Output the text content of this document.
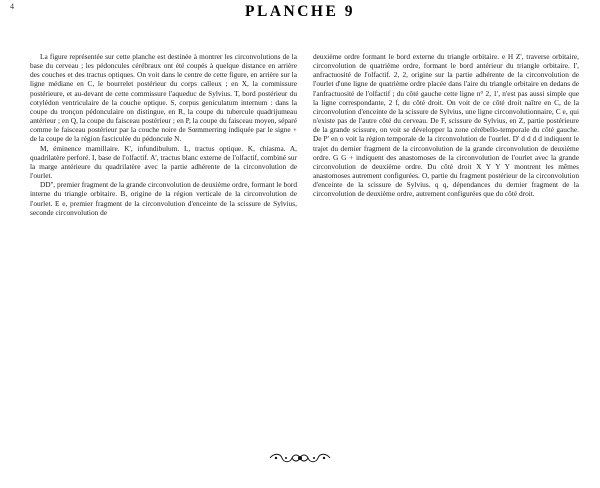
4	PLANCHE 9

La figure représentée sur cette planche est destinée à montrer les circonvolutions de la base du cerveau ; les pédoncules cérébraux ont été coupés à quelque distance en arrière des couches et des tractus optiques. On voit dans le centre de cette figure, en arrière sur la ligne médiane en C, le bourrelet postérieur du corps calleux ; en X, la commissure postérieure, et au-devant de cette commissure l'aqueduc de Sylvius. T, bord postérieur du cotylédon ventriculaire de la couche optique. S, corpus geniculatum internum : dans la coupe du tronçon pédonculaire on distingue, en R, la coupe du tubercule quadrijumeau antérieur ; en Q, la coupe du faisceau postérieur ; en P, la coupe du faisceau moyen, séparé comme le faisceau postérieur par la couche noire de Sœmmerring indiquée par le signe + de la coupe de la région fasciculée du pédoncule N.

M, éminence mamillaire. K', infundibulum. L, tractus optique. K, chiasma. A, quadrilatère perforé. I, base de l'olfactif. A', tractus blanc externe de l'olfactif, combiné sur la marge antérieure du quadrilatère avec la partie adhérente de la circonvolution de l'ourlet.

DD'', premier fragment de la grande circonvolution de deuxième ordre, formant le bord interne du triangle orbitaire. B, origine de la région verticale de la circonvolution de l'ourlet. E e, premier fragment de la circonvolution d'enceinte de la scissure de Sylvius, seconde circonvolution de

deuxième ordre formant le bord externe du triangle orbitaire. e H Z', traverse orbitaire, circonvolution de quatrième ordre, formant le bord antérieur du triangle orbitaire. I', anfractuosité de l'olfactif. 2, 2, origine sur la partie adhérente de la circonvolution de l'ourlet d'une ligne de quatrième ordre placée dans l'aire du triangle orbitaire en dedans de l'anfractuosité de l'olfactif ; du côté gauche cette ligne n° 2, 1', n'est pas aussi simple que la ligne correspondante, 2 f, du côté droit. On voit de ce côté droit naître en C, de la circonvolution d'enceinte de la scissure de Sylvius, une ligne circonvolutionnaire, C e, qui n'existe pas de l'autre côté du cerveau. De F, scissure de Sylvius, en Z, partie postérieure de la grande scissure, on voit se développer la zone cérébello-temporale du côté gauche. De P' en o voit la région temporale de la circonvolution de l'ourlet. D' d d d d indiquent le trajet du dernier fragment de la circonvolution de la grande circonvolution de deuxième ordre. G G + indiquent des anastomoses de la circonvolution de l'ourlet avec la grande circonvolution de deuxième ordre. Du côté droit X Y Y Y montrent les mêmes anastomoses autrement configurées. O, partie du fragment postérieur de la circonvolution d'enceinte de la scissure de Sylvius. q q, dépendances du dernier fragment de la circonvolution de deuxième ordre, autrement configurées que du côté droit.
